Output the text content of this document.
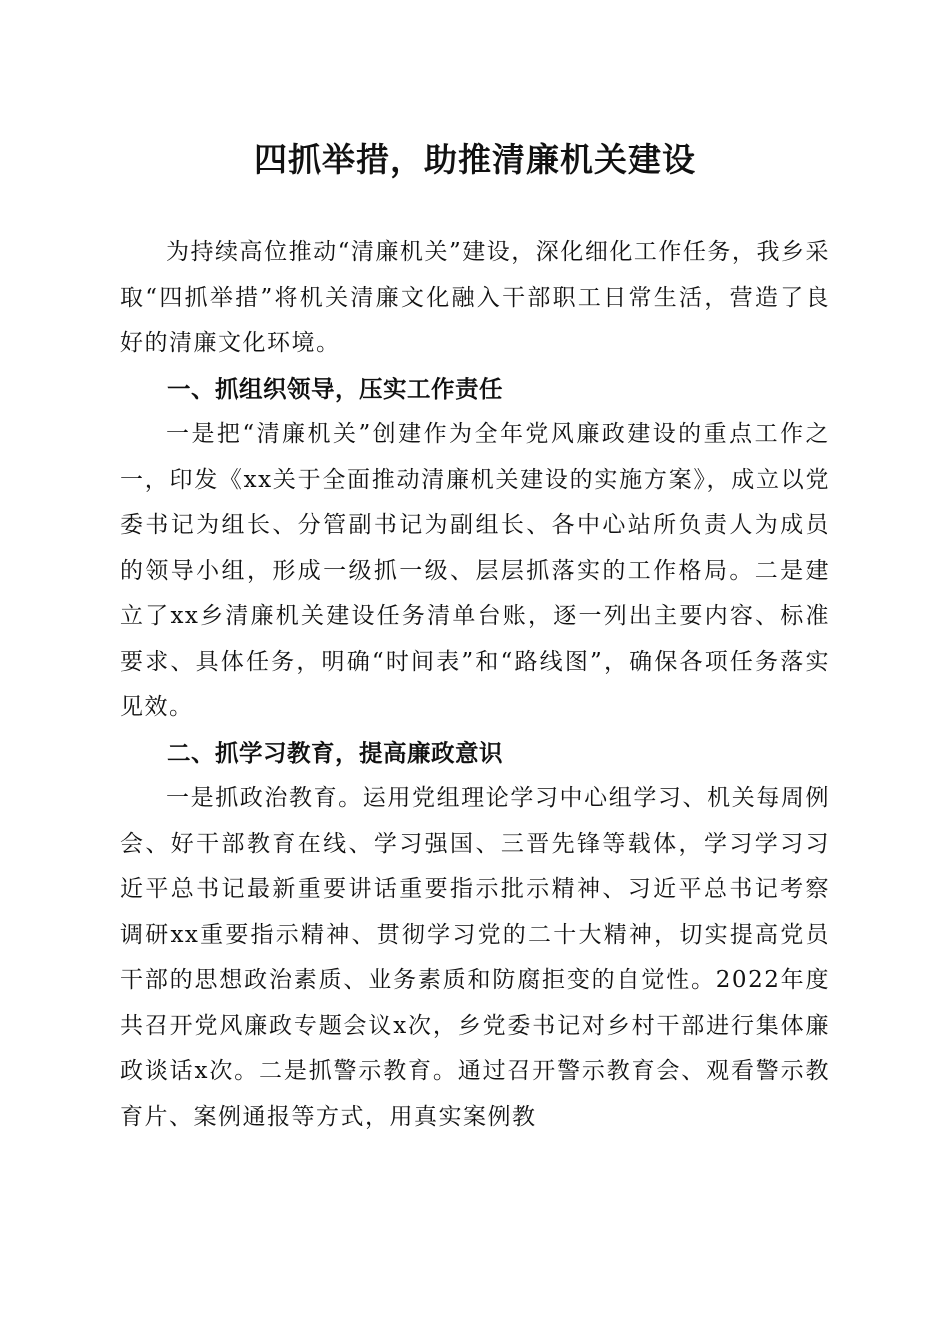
四抓举措，助推清廉机关建设

为持续高位推动“清廉机关”建设，深化细化工作任务，我乡采取“四抓举措”将机关清廉文化融入干部职工日常生活，营造了良好的清廉文化环境。

一、抓组织领导，压实工作责任

一是把“清廉机关”创建作为全年党风廉政建设的重点工作之一，印发《xx关于全面推动清廉机关建设的实施方案》，成立以党委书记为组长、分管副书记为副组长、各中心站所负责人为成员的领导小组，形成一级抓一级、层层抓落实的工作格局。二是建立了xx乡清廉机关建设任务清单台账，逐一列出主要内容、标准要求、具体任务，明确“时间表”和“路线图”，确保各项任务落实见效。

二、抓学习教育，提高廉政意识

一是抓政治教育。运用党组理论学习中心组学习、机关每周例会、好干部教育在线、学习强国、三晋先锋等载体，学习学习习近平总书记最新重要讲话重要指示批示精神、习近平总书记考察调研xx重要指示精神、贯彻学习党的二十大精神，切实提高党员干部的思想政治素质、业务素质和防腐拒变的自觉性。2022年度共召开党风廉政专题会议x次，乡党委书记对乡村干部进行集体廉政谈话x次。二是抓警示教育。通过召开警示教育会、观看警示教育片、案例通报等方式，用真实案例教
